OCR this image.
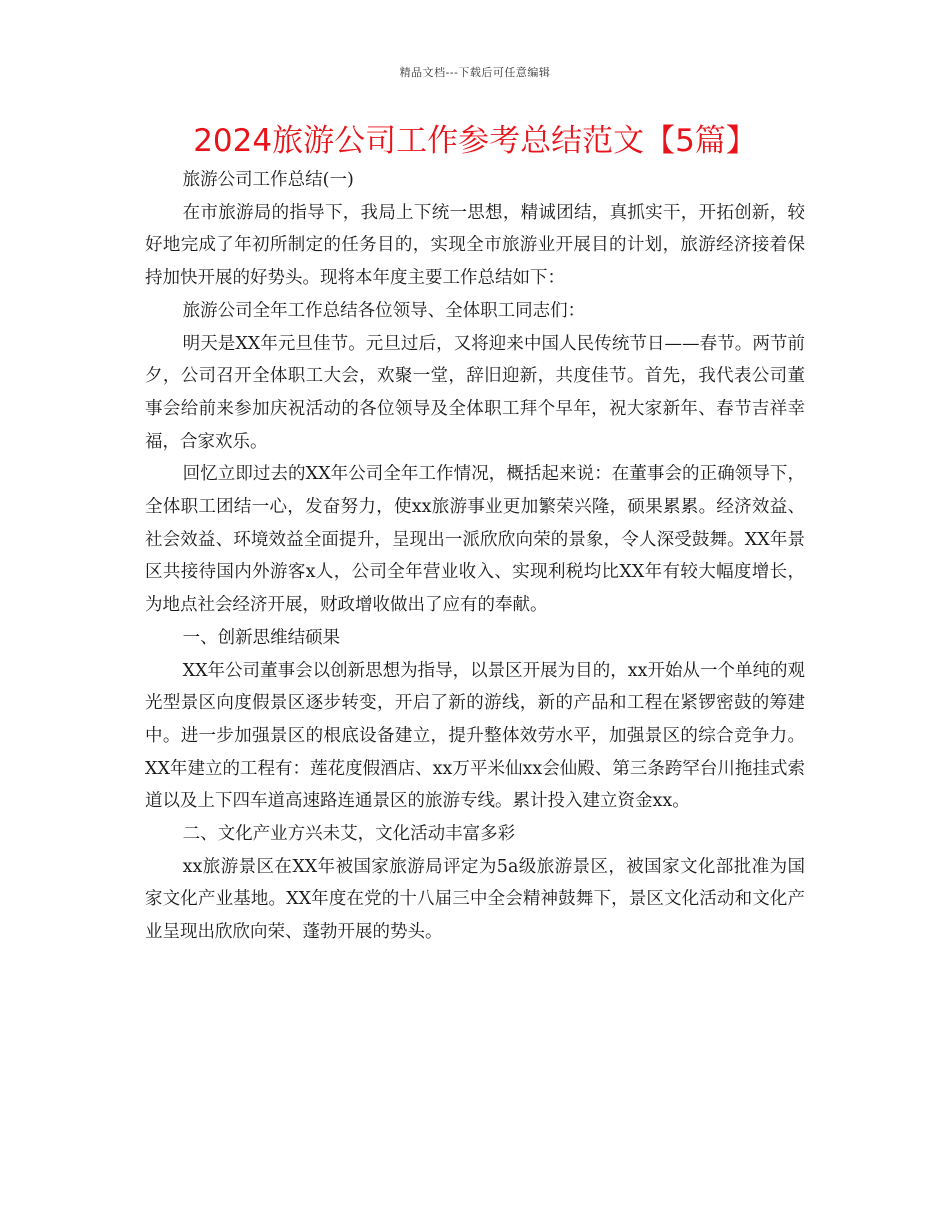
精品文档---下载后可任意编辑
2024旅游公司工作参考总结范文【5篇】

旅游公司工作总结(一)

在市旅游局的指导下，我局上下统一思想，精诚团结，真抓实干，开拓创新，较好地完成了年初所制定的任务目的，实现全市旅游业开展目的计划，旅游经济接着保持加快开展的好势头。现将本年度主要工作总结如下：

旅游公司全年工作总结各位领导、全体职工同志们：

明天是XX年元旦佳节。元旦过后，又将迎来中国人民传统节日——春节。两节前夕，公司召开全体职工大会，欢聚一堂，辞旧迎新，共度佳节。首先，我代表公司董事会给前来参加庆祝活动的各位领导及全体职工拜个早年，祝大家新年、春节吉祥幸福，合家欢乐。

回忆立即过去的XX年公司全年工作情况，概括起来说：在董事会的正确领导下，全体职工团结一心，发奋努力，使xx旅游事业更加繁荣兴隆，硕果累累。经济效益、社会效益、环境效益全面提升，呈现出一派欣欣向荣的景象，令人深受鼓舞。XX年景区共接待国内外游客x人，公司全年营业收入、实现利税均比XX年有较大幅度增长，为地点社会经济开展，财政增收做出了应有的奉献。

一、创新思维结硕果

XX年公司董事会以创新思想为指导，以景区开展为目的，xx开始从一个单纯的观光型景区向度假景区逐步转变，开启了新的游线，新的产品和工程在紧锣密鼓的筹建中。进一步加强景区的根底设备建立，提升整体效劳水平，加强景区的综合竞争力。XX年建立的工程有：莲花度假酒店、xx万平米仙xx会仙殿、第三条跨罕台川拖挂式索道以及上下四车道高速路连通景区的旅游专线。累计投入建立资金xx。

二、文化产业方兴未艾，文化活动丰富多彩

xx旅游景区在XX年被国家旅游局评定为5a级旅游景区，被国家文化部批准为国家文化产业基地。XX年度在党的十八届三中全会精神鼓舞下，景区文化活动和文化产业呈现出欣欣向荣、蓬勃开展的势头。
